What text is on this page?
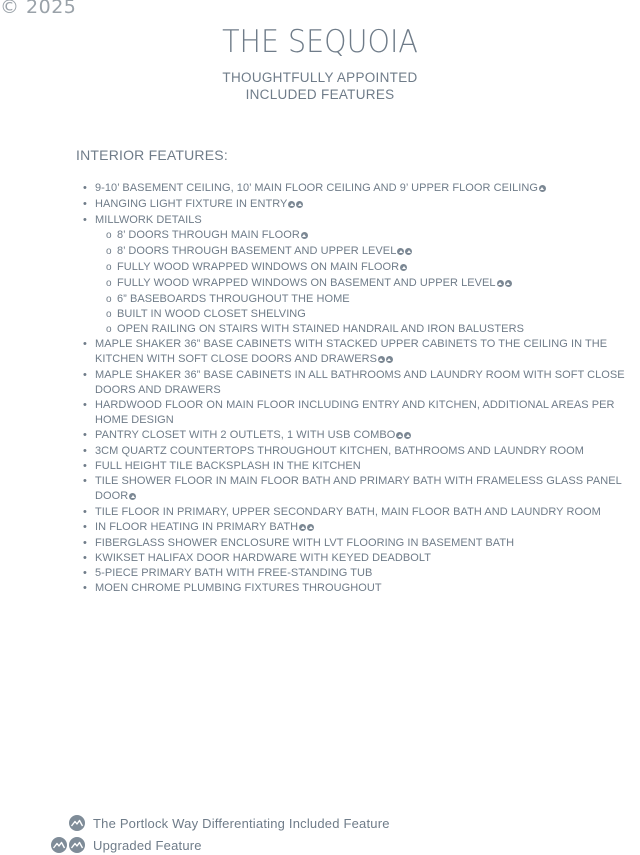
© 2025
THE SEQUOIA
THOUGHTFULLY APPOINTED
INCLUDED FEATURES
INTERIOR FEATURES:
• 9-10’ BASEMENT CEILING, 10’ MAIN FLOOR CEILING AND 9’ UPPER FLOOR CEILING
• HANGING LIGHT FIXTURE IN ENTRY
• MILLWORK DETAILS
o 8’ DOORS THROUGH MAIN FLOOR
o 8’ DOORS THROUGH BASEMENT AND UPPER LEVEL
o FULLY WOOD WRAPPED WINDOWS ON MAIN FLOOR
o FULLY WOOD WRAPPED WINDOWS ON BASEMENT AND UPPER LEVEL
o 6” BASEBOARDS THROUGHOUT THE HOME
o BUILT IN WOOD CLOSET SHELVING
o OPEN RAILING ON STAIRS WITH STAINED HANDRAIL AND IRON BALUSTERS
• MAPLE SHAKER 36” BASE CABINETS WITH STACKED UPPER CABINETS TO THE CEILING IN THE KITCHEN WITH SOFT CLOSE DOORS AND DRAWERS
• MAPLE SHAKER 36” BASE CABINETS IN ALL BATHROOMS AND LAUNDRY ROOM WITH SOFT CLOSE DOORS AND DRAWERS
• HARDWOOD FLOOR ON MAIN FLOOR INCLUDING ENTRY AND KITCHEN, ADDITIONAL AREAS PER HOME DESIGN
• PANTRY CLOSET WITH 2 OUTLETS, 1 WITH USB COMBO
• 3CM QUARTZ COUNTERTOPS THROUGHOUT KITCHEN, BATHROOMS AND LAUNDRY ROOM
• FULL HEIGHT TILE BACKSPLASH IN THE KITCHEN
• TILE SHOWER FLOOR IN MAIN FLOOR BATH AND PRIMARY BATH WITH FRAMELESS GLASS PANEL DOOR
• TILE FLOOR IN PRIMARY, UPPER SECONDARY BATH, MAIN FLOOR BATH AND LAUNDRY ROOM
• IN FLOOR HEATING IN PRIMARY BATH
• FIBERGLASS SHOWER ENCLOSURE WITH LVT FLOORING IN BASEMENT BATH
• KWIKSET HALIFAX DOOR HARDWARE WITH KEYED DEADBOLT
• 5-PIECE PRIMARY BATH WITH FREE-STANDING TUB
• MOEN CHROME PLUMBING FIXTURES THROUGHOUT
The Portlock Way Differentiating Included Feature
Upgraded Feature
